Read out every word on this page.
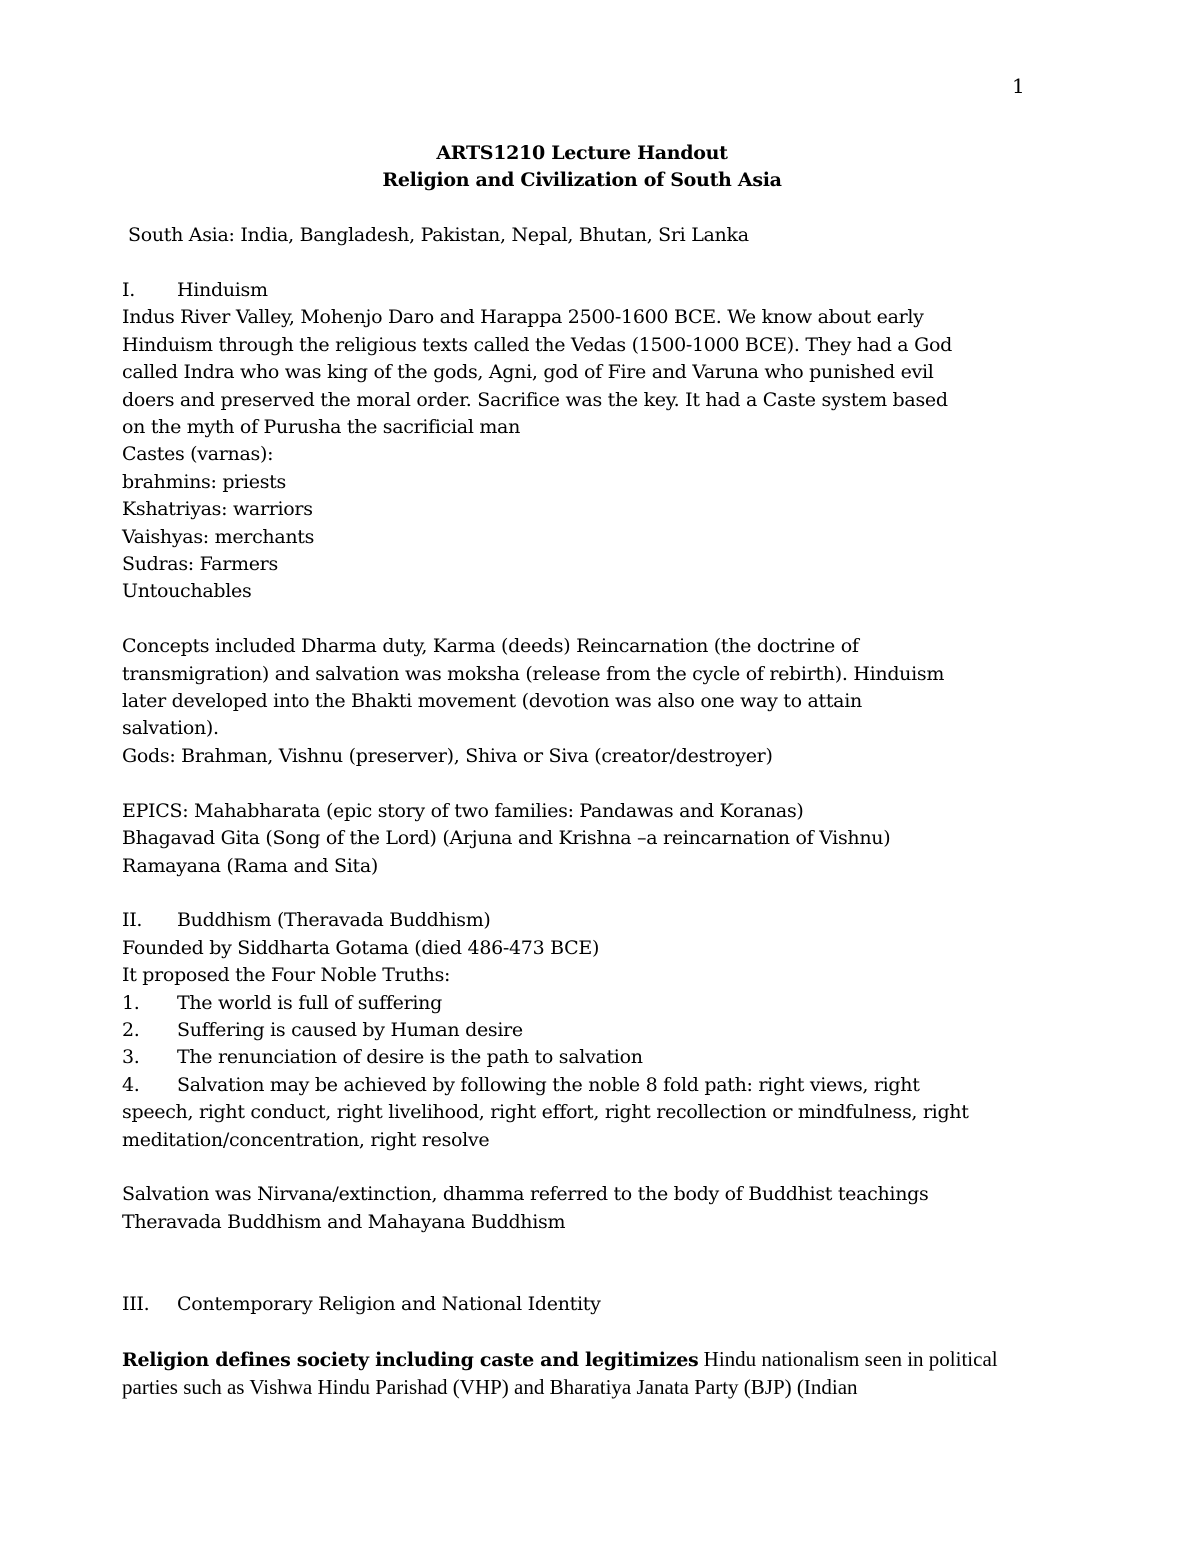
1

ARTS1210 Lecture Handout

Religion and Civilization of South Asia

South Asia: India, Bangladesh, Pakistan, Nepal, Bhutan, Sri Lanka

I. Hinduism

Indus River Valley, Mohenjo Daro and Harappa 2500-1600 BCE. We know about early

Hinduism through the religious texts called the Vedas (1500-1000 BCE). They had a God

called Indra who was king of the gods, Agni, god of Fire and Varuna who punished evil

doers and preserved the moral order. Sacrifice was the key. It had a Caste system based

on the myth of Purusha the sacrificial man

Castes (varnas):

brahmins: priests

Kshatriyas: warriors

Vaishyas: merchants

Sudras: Farmers

Untouchables

Concepts included Dharma duty, Karma (deeds) Reincarnation (the doctrine of

transmigration) and salvation was moksha (release from the cycle of rebirth). Hinduism

later developed into the Bhakti movement (devotion was also one way to attain

salvation).

Gods: Brahman, Vishnu (preserver), Shiva or Siva (creator/destroyer)

EPICS: Mahabharata (epic story of two families: Pandawas and Koranas)

Bhagavad Gita (Song of the Lord) (Arjuna and Krishna –a reincarnation of Vishnu)

Ramayana (Rama and Sita)

II. Buddhism (Theravada Buddhism)

Founded by Siddharta Gotama (died 486-473 BCE)

It proposed the Four Noble Truths:

1. The world is full of suffering

2. Suffering is caused by Human desire

3. The renunciation of desire is the path to salvation

4. Salvation may be achieved by following the noble 8 fold path: right views, right

speech, right conduct, right livelihood, right effort, right recollection or mindfulness, right

meditation/concentration, right resolve

Salvation was Nirvana/extinction, dhamma referred to the body of Buddhist teachings

Theravada Buddhism and Mahayana Buddhism

III. Contemporary Religion and National Identity

Religion defines society including caste and legitimizes Hindu nationalism seen in political

parties such as Vishwa Hindu Parishad (VHP) and Bharatiya Janata Party (BJP) (Indian
